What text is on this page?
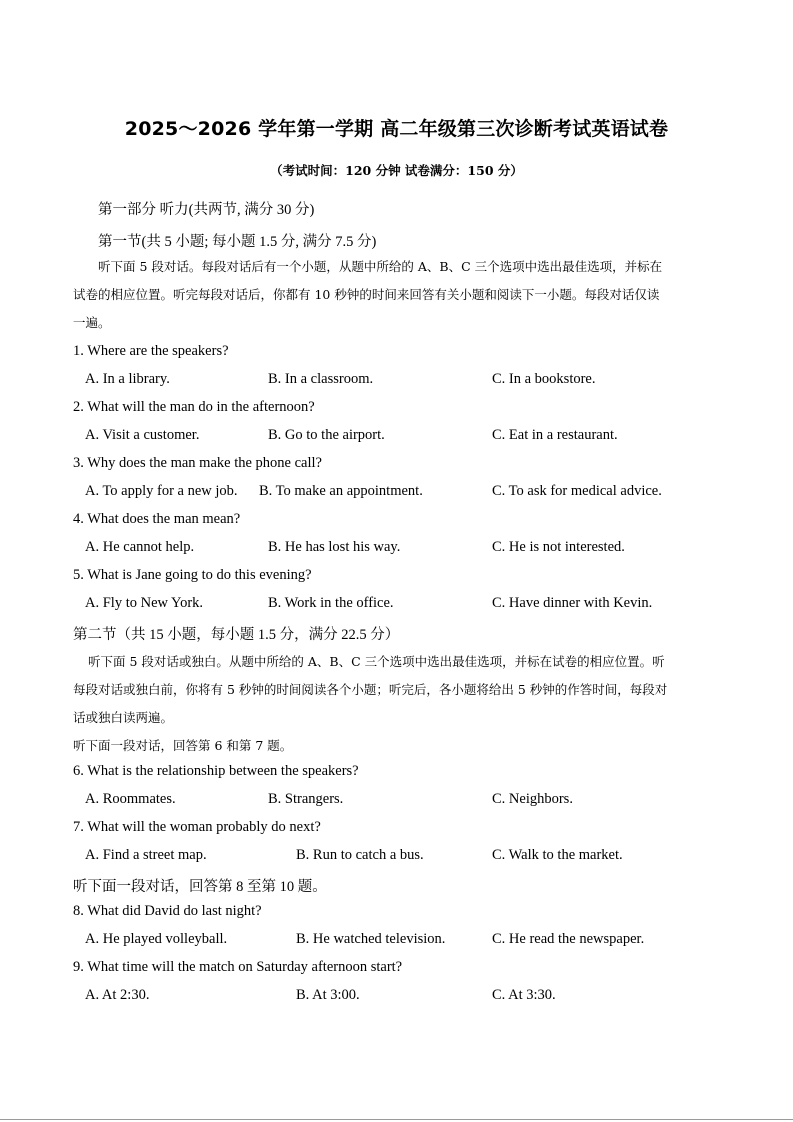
2025～2026 学年第一学期 高二年级第三次诊断考试英语试卷
（考试时间：120 分钟 试卷满分：150 分）
第一部分 听力(共两节, 满分 30 分)
第一节(共 5 小题; 每小题 1.5 分, 满分 7.5 分)
听下面 5 段对话。每段对话后有一个小题，从题中所给的 A、B、C 三个选项中选出最佳选项，并标在
试卷的相应位置。听完每段对话后，你都有 10 秒钟的时间来回答有关小题和阅读下一小题。每段对话仅读
一遍。
1. Where are the speakers?
A. In a library.	B. In a classroom.	C. In a bookstore.
2. What will the man do in the afternoon?
A. Visit a customer.	B. Go to the airport.	C. Eat in a restaurant.
3. Why does the man make the phone call?
A. To apply for a new job. B. To make an appointment.	C. To ask for medical advice.
4. What does the man mean?
A. He cannot help.	B. He has lost his way.	C. He is not interested.
5. What is Jane going to do this evening?
A. Fly to New York.	B. Work in the office.	C. Have dinner with Kevin.
第二节（共 15 小题，每小题 1.5 分，满分 22.5 分）
听下面 5 段对话或独白。从题中所给的 A、B、C 三个选项中选出最佳选项，并标在试卷的相应位置。听
每段对话或独白前，你将有 5 秒钟的时间阅读各个小题；听完后，各小题将给出 5 秒钟的作答时间，每段对
话或独白读两遍。
听下面一段对话，回答第 6 和第 7 题。
6. What is the relationship between the speakers?
A. Roommates.	B. Strangers.	C. Neighbors.
7. What will the woman probably do next?
A. Find a street map.	B. Run to catch a bus.	C. Walk to the market.
听下面一段对话，回答第 8 至第 10 题。
8. What did David do last night?
A. He played volleyball.	B. He watched television.	C. He read the newspaper.
9. What time will the match on Saturday afternoon start?
A. At 2:30.	B. At 3:00.	C. At 3:30.
